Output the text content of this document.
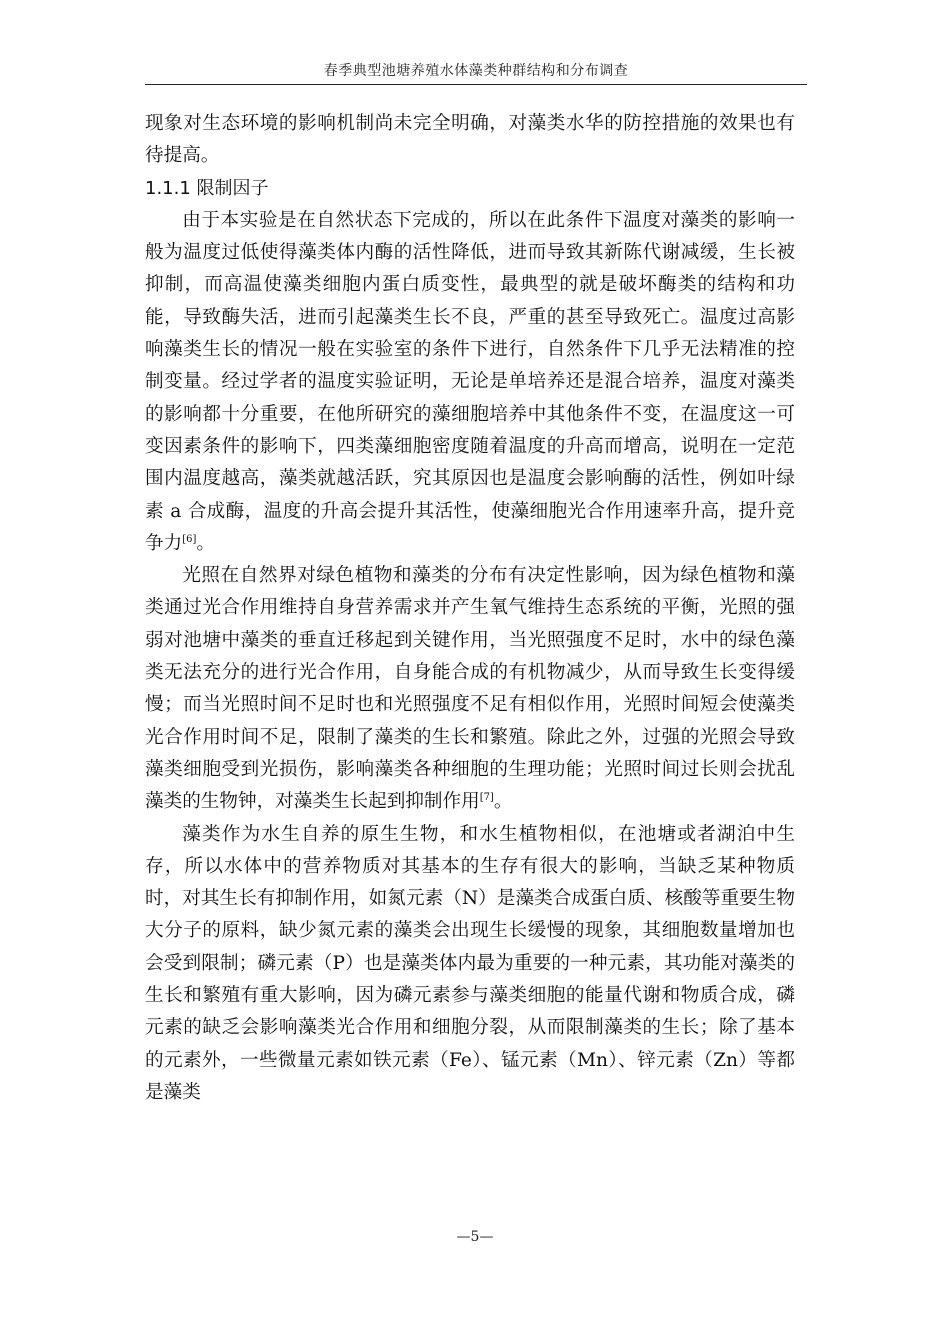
春季典型池塘养殖水体藻类种群结构和分布调查

现象对生态环境的影响机制尚未完全明确，对藻类水华的防控措施的效果也有待提高。

1.1.1 限制因子

由于本实验是在自然状态下完成的，所以在此条件下温度对藻类的影响一般为温度过低使得藻类体内酶的活性降低，进而导致其新陈代谢减缓，生长被抑制，而高温使藻类细胞内蛋白质变性，最典型的就是破坏酶类的结构和功能，导致酶失活，进而引起藻类生长不良，严重的甚至导致死亡。温度过高影响藻类生长的情况一般在实验室的条件下进行，自然条件下几乎无法精准的控制变量。经过学者的温度实验证明，无论是单培养还是混合培养，温度对藻类的影响都十分重要，在他所研究的藻细胞培养中其他条件不变，在温度这一可变因素条件的影响下，四类藻细胞密度随着温度的升高而增高，说明在一定范围内温度越高，藻类就越活跃，究其原因也是温度会影响酶的活性，例如叶绿素 a 合成酶，温度的升高会提升其活性，使藻细胞光合作用速率升高，提升竞争力[6]。

光照在自然界对绿色植物和藻类的分布有决定性影响，因为绿色植物和藻类通过光合作用维持自身营养需求并产生氧气维持生态系统的平衡，光照的强弱对池塘中藻类的垂直迁移起到关键作用，当光照强度不足时，水中的绿色藻类无法充分的进行光合作用，自身能合成的有机物减少，从而导致生长变得缓慢；而当光照时间不足时也和光照强度不足有相似作用，光照时间短会使藻类光合作用时间不足，限制了藻类的生长和繁殖。除此之外，过强的光照会导致藻类细胞受到光损伤，影响藻类各种细胞的生理功能；光照时间过长则会扰乱藻类的生物钟，对藻类生长起到抑制作用[7]。

藻类作为水生自养的原生生物，和水生植物相似，在池塘或者湖泊中生存，所以水体中的营养物质对其基本的生存有很大的影响，当缺乏某种物质时，对其生长有抑制作用，如氮元素（N）是藻类合成蛋白质、核酸等重要生物大分子的原料，缺少氮元素的藻类会出现生长缓慢的现象，其细胞数量增加也会受到限制；磷元素（P）也是藻类体内最为重要的一种元素，其功能对藻类的生长和繁殖有重大影响，因为磷元素参与藻类细胞的能量代谢和物质合成，磷元素的缺乏会影响藻类光合作用和细胞分裂，从而限制藻类的生长；除了基本的元素外，一些微量元素如铁元素（Fe）、锰元素（Mn）、锌元素（Zn）等都是藻类

—5—
